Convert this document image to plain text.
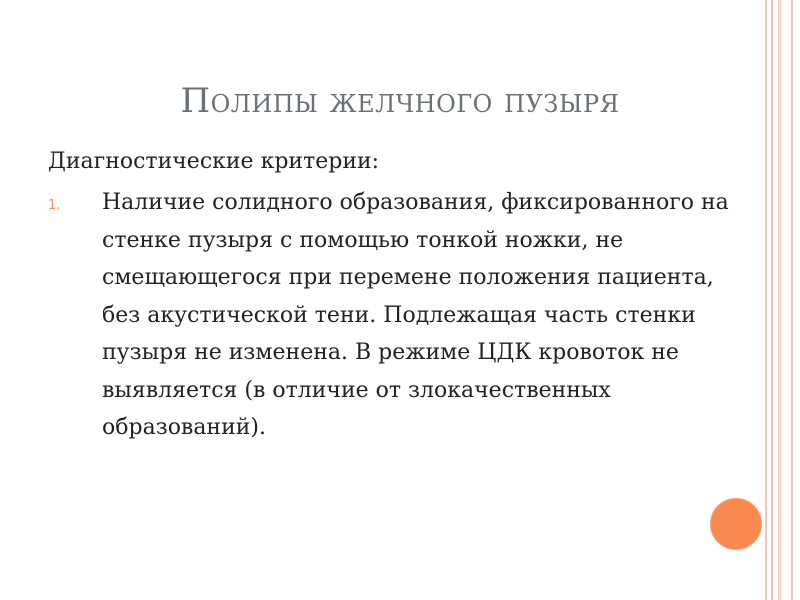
Полипы желчного пузыря

Диагностические критерии:

1. Наличие солидного образования, фиксированного на стенке пузыря с помощью тонкой ножки, не смещающегося при перемене положения пациента, без акустической тени. Подлежащая часть стенки пузыря не изменена. В режиме ЦДК кровоток не выявляется (в отличие от злокачественных образований).
